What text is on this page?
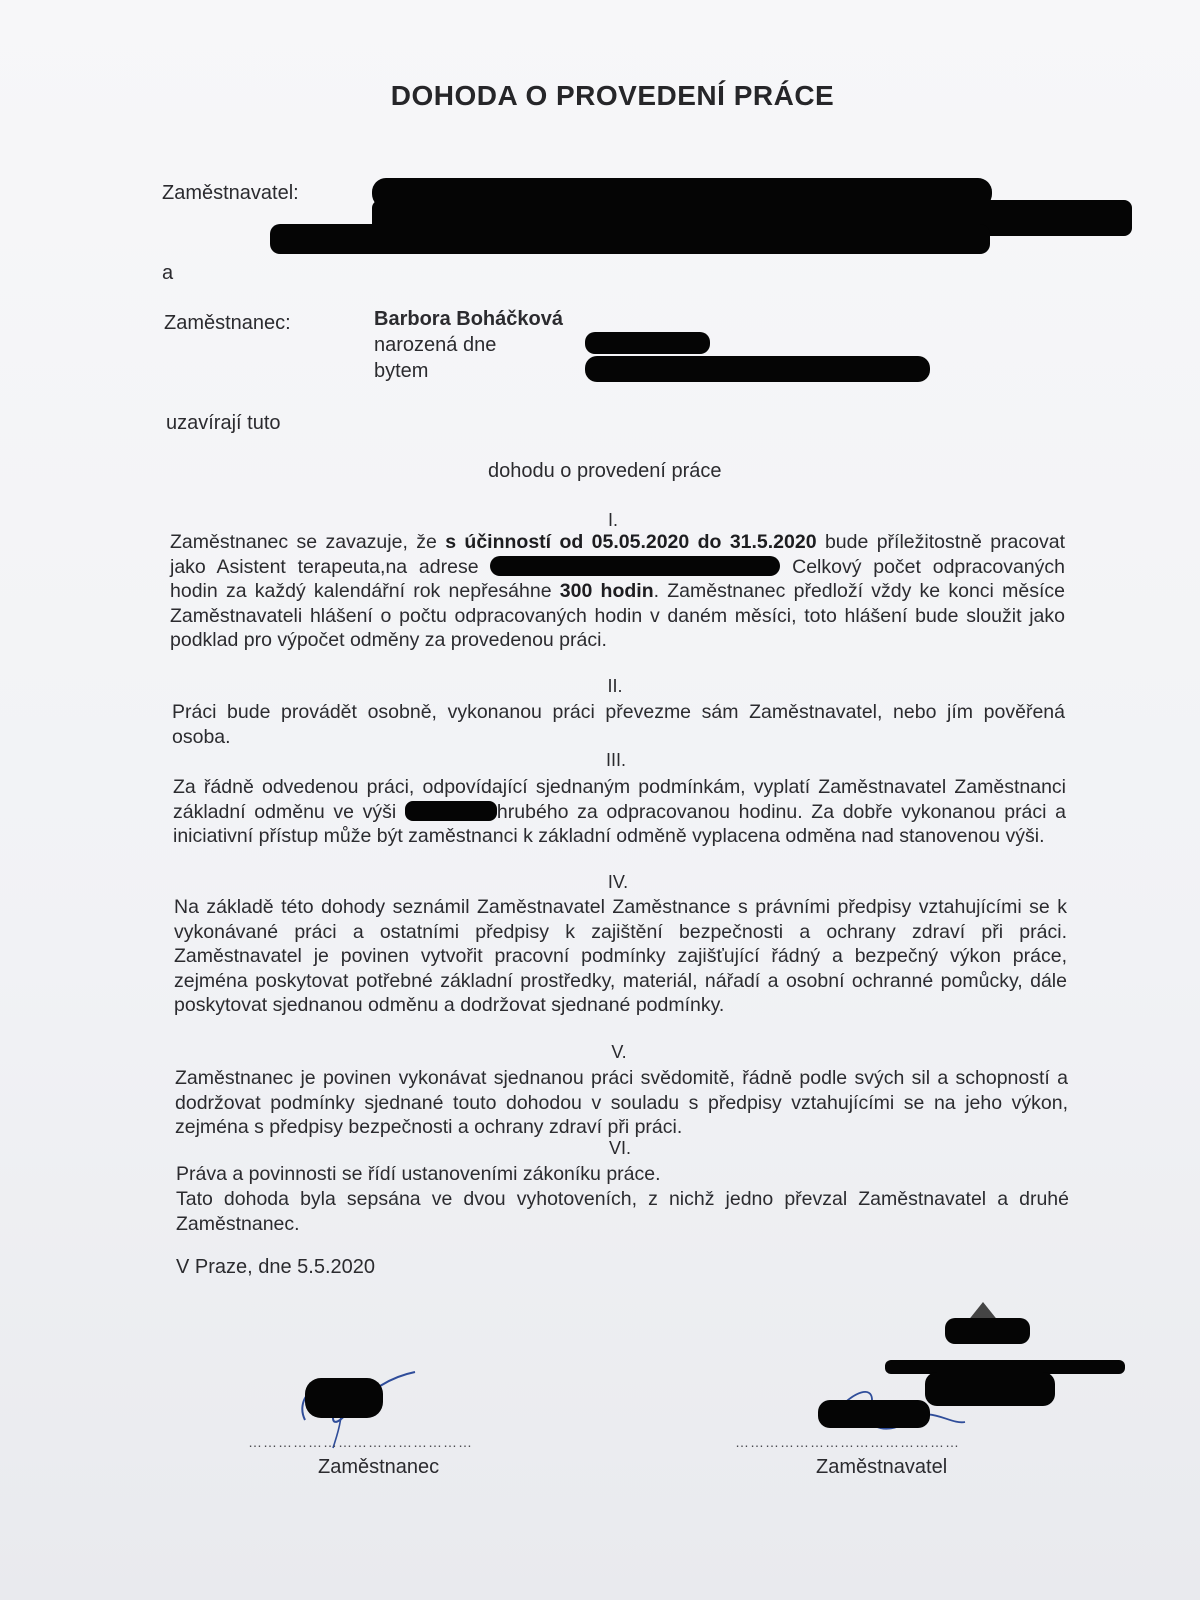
DOHODA O PROVEDENÍ PRÁCE
Zaměstnavatel:
a
Zaměstnanec:	Barbora Boháčková
narozená dne
bytem
uzavírají tuto
dohodu o provedení práce
I.
Zaměstnanec se zavazuje, že s účinností od 05.05.2020 do 31.5.2020 bude příležitostně pracovat jako Asistent terapeuta,na adrese	Celkový počet odpracovaných hodin za každý kalendářní rok nepřesáhne 300 hodin. Zaměstnanec předloží vždy ke konci měsíce Zaměstnavateli hlášení o počtu odpracovaných hodin v daném měsíci, toto hlášení bude sloužit jako podklad pro výpočet odměny za provedenou práci.
II.
Práci bude provádět osobně, vykonanou práci převezme sám Zaměstnavatel, nebo jím pověřená osoba.
III.
Za řádně odvedenou práci, odpovídající sjednaným podmínkám, vyplatí Zaměstnavatel Zaměstnanci základní odměnu ve výši	hrubého za odpracovanou hodinu. Za dobře vykonanou práci a iniciativní přístup může být zaměstnanci k základní odměně vyplacena odměna nad stanovenou výši.
IV.
Na základě této dohody seznámil Zaměstnavatel Zaměstnance s právními předpisy vztahujícími se k vykonávané práci a ostatními předpisy k zajištění bezpečnosti a ochrany zdraví při práci. Zaměstnavatel je povinen vytvořit pracovní podmínky zajišťující řádný a bezpečný výkon práce, zejména poskytovat potřebné základní prostředky, materiál, nářadí a osobní ochranné pomůcky, dále poskytovat sjednanou odměnu a dodržovat sjednané podmínky.
V.
Zaměstnanec je povinen vykonávat sjednanou práci svědomitě, řádně podle svých sil a schopností a dodržovat podmínky sjednané touto dohodou v souladu s předpisy vztahujícími se na jeho výkon, zejména s předpisy bezpečnosti a ochrany zdraví při práci.
VI.
Práva a povinnosti se řídí ustanoveními zákoníku práce.
Tato dohoda byla sepsána ve dvou vyhotoveních, z nichž jedno převzal Zaměstnavatel a druhé Zaměstnanec.
V Praze, dne 5.5.2020
………………………………………
Zaměstnanec
………………………………………
Zaměstnavatel
